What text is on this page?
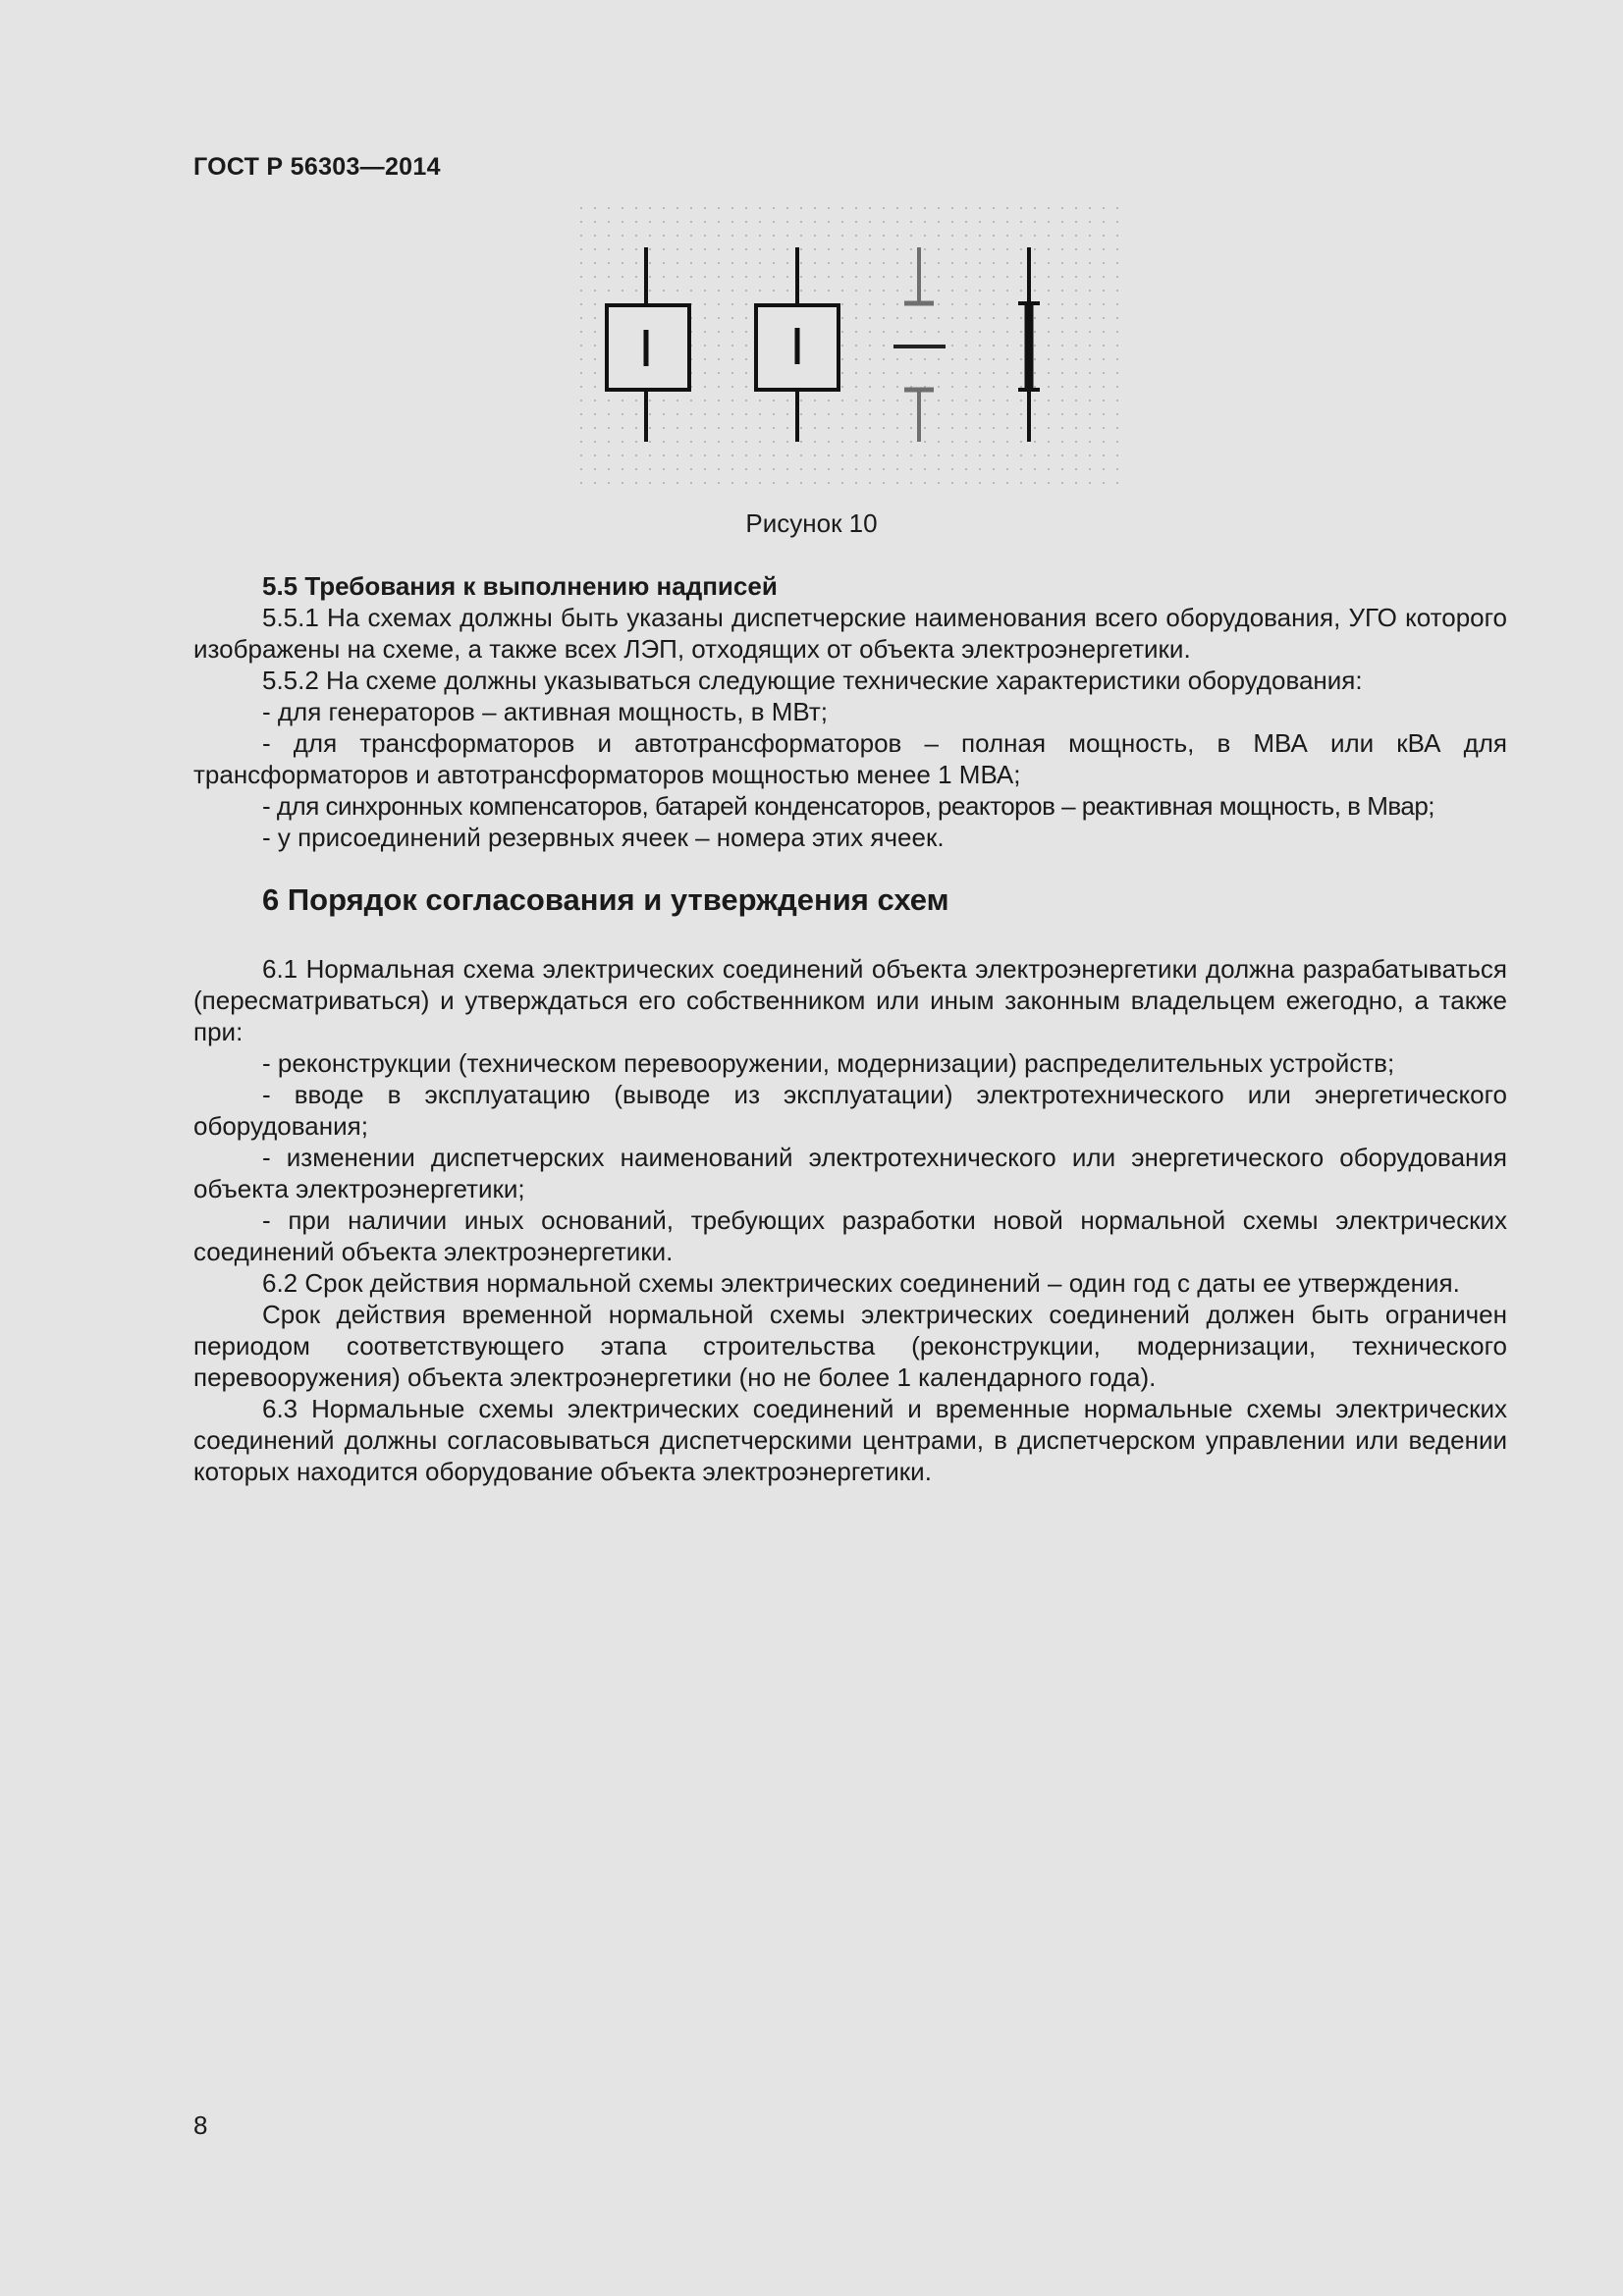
ГОСТ Р 56303—2014
Рисунок 10

5.5 Требования к выполнению надписей

5.5.1 На схемах должны быть указаны диспетчерские наименования всего оборудования, УГО которого изображены на схеме, а также всех ЛЭП, отходящих от объекта электроэнергетики.

5.5.2 На схеме должны указываться следующие технические характеристики оборудования:

- для генераторов – активная мощность, в МВт;

- для трансформаторов и автотрансформаторов – полная мощность, в МВА или кВА для трансформаторов и автотрансформаторов мощностью менее 1 МВА;

- для синхронных компенсаторов, батарей конденсаторов, реакторов – реактивная мощность, в Мвар;

- у присоединений резервных ячеек – номера этих ячеек.

6 Порядок согласования и утверждения схем

6.1 Нормальная схема электрических соединений объекта электроэнергетики должна разрабатываться (пересматриваться) и утверждаться его собственником или иным законным владельцем ежегодно, а также при:

- реконструкции (техническом перевооружении, модернизации) распределительных устройств;

- вводе в эксплуатацию (выводе из эксплуатации) электротехнического или энергетического оборудования;

- изменении диспетчерских наименований электротехнического или энергетического оборудования объекта электроэнергетики;

- при наличии иных оснований, требующих разработки новой нормальной схемы электрических соединений объекта электроэнергетики.

6.2 Срок действия нормальной схемы электрических соединений – один год с даты ее утверждения.

Срок действия временной нормальной схемы электрических соединений должен быть ограничен периодом соответствующего этапа строительства (реконструкции, модернизации, технического перевооружения) объекта электроэнергетики (но не более 1 календарного года).

6.3 Нормальные схемы электрических соединений и временные нормальные схемы электрических соединений должны согласовываться диспетчерскими центрами, в диспетчерском управлении или ведении которых находится оборудование объекта электроэнергетики.

8
